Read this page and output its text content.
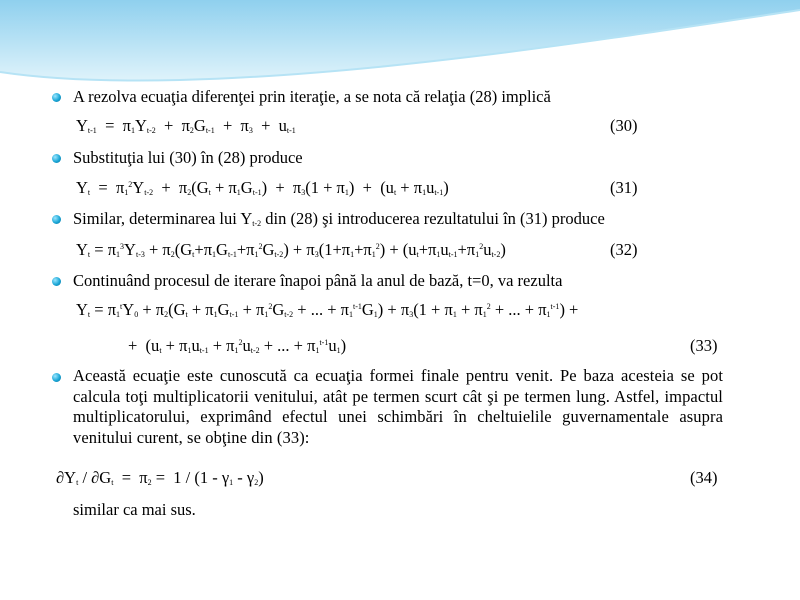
A rezolva ecuaţia diferenţei prin iteraţie, a se nota că relaţia (28) implică
$Y_{t-1} = \pi_1Y_{t-2} + \pi_2G_{t-1} + \pi_3 + u_{t-1}$	(30)
Substituţia lui (30) în (28) produce
$Y_t = \pi_1^2Y_{t-2} + \pi_2(G_t + \pi_1G_{t-1}) + \pi_3(1 + \pi_1) + (u_t + \pi_1u_{t-1})$	(31)
Similar, determinarea lui $Y_{t-2}$ din (28) şi introducerea rezultatului în (31) produce
$Y_t = \pi_1^3Y_{t-3} + \pi_2(G_t+\pi_1G_{t-1}+\pi_1^2G_{t-2}) + \pi_3(1+\pi_1+\pi_1^2) + (u_t+\pi_1u_{t-1}+\pi_1^2u_{t-2})$	(32)
Continuând procesul de iterare înapoi până la anul de bază, t=0, va rezulta
$Y_t = \pi_1^tY_0 + \pi_2(G_t + \pi_1G_{t-1} + \pi_1^2G_{t-2}$ + ... + $\pi_1^{t-1}G_1) + \pi_3(1 + \pi_1 + \pi_1^2$ + ... + $\pi_1^{t-1}$) +
+  ($u_t + \pi_1u_{t-1} + \pi_1^2u_{t-2}$ + ... + $\pi_1^{t-1}u_1$)	(33)
Această ecuaţie este cunoscută ca ecuaţia formei finale pentru venit. Pe baza acesteia se pot calcula toţi multiplicatorii venitului, atât pe termen scurt cât şi pe termen lung. Astfel, impactul multiplicatorului, exprimând efectul unei schimbări în cheltuielile guvernamentale asupra venitului curent, se obţine din (33):
$\partial Y_t / \partial G_t = \pi_2 = 1 / (1 - \gamma_1 - \gamma_2)$	(34)
similar ca mai sus.
